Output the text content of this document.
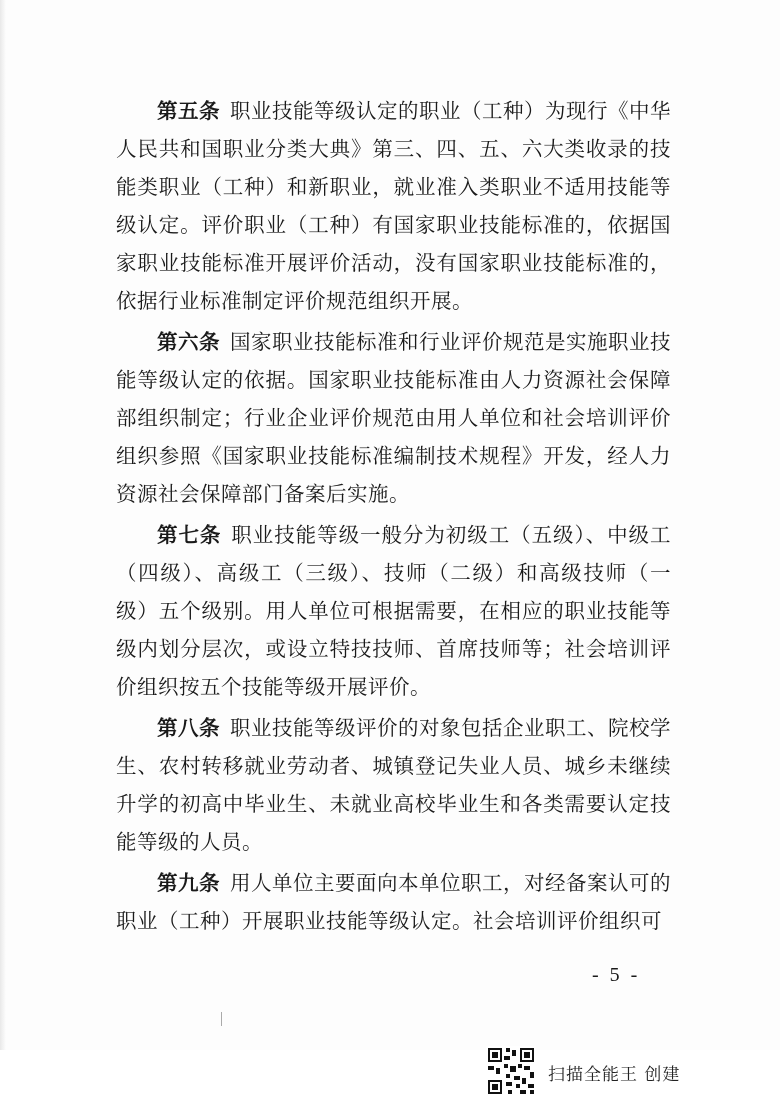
第五条 职业技能等级认定的职业（工种）为现行《中华人民共和国职业分类大典》第三、四、五、六大类收录的技能类职业（工种）和新职业，就业准入类职业不适用技能等级认定。评价职业（工种）有国家职业技能标准的，依据国家职业技能标准开展评价活动，没有国家职业技能标准的，依据行业标准制定评价规范组织开展。

第六条 国家职业技能标准和行业评价规范是实施职业技能等级认定的依据。国家职业技能标准由人力资源社会保障部组织制定；行业企业评价规范由用人单位和社会培训评价组织参照《国家职业技能标准编制技术规程》开发，经人力资源社会保障部门备案后实施。

第七条 职业技能等级一般分为初级工（五级）、中级工（四级）、高级工（三级）、技师（二级）和高级技师（一级）五个级别。用人单位可根据需要，在相应的职业技能等级内划分层次，或设立特技技师、首席技师等；社会培训评价组织按五个技能等级开展评价。

第八条 职业技能等级评价的对象包括企业职工、院校学生、农村转移就业劳动者、城镇登记失业人员、城乡未继续升学的初高中毕业生、未就业高校毕业生和各类需要认定技能等级的人员。

第九条 用人单位主要面向本单位职工，对经备案认可的职业（工种）开展职业技能等级认定。社会培训评价组织可

- 5 -
扫描全能王 创建
